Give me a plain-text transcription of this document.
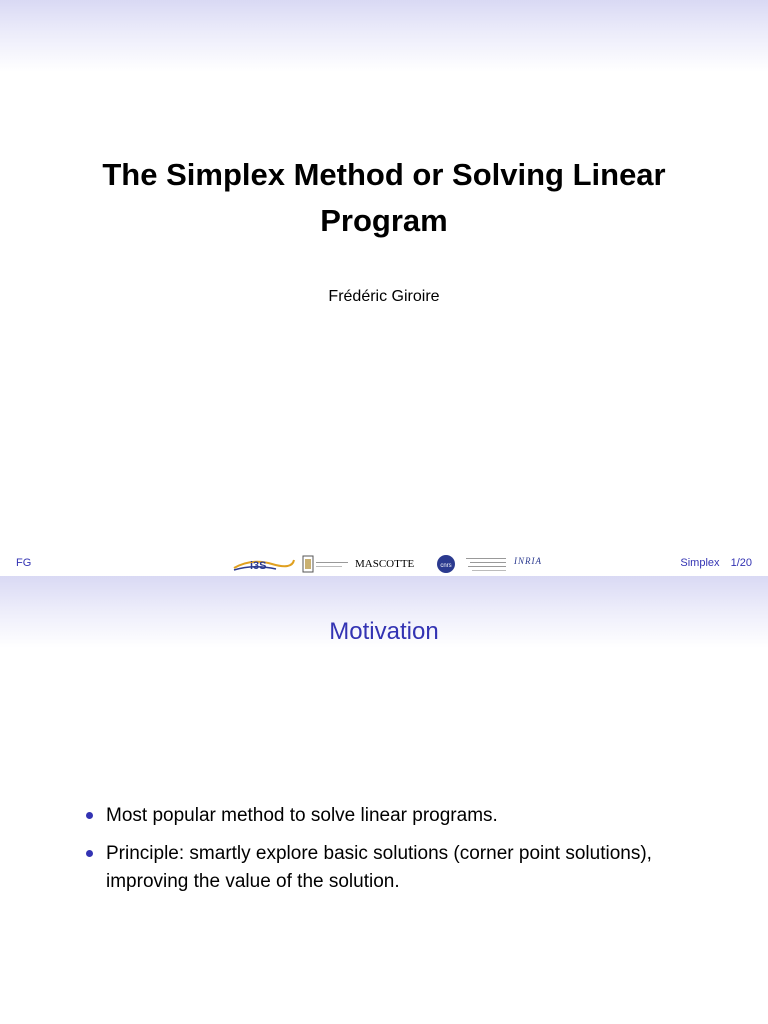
The Simplex Method or Solving Linear Program
Frédéric Giroire
FG	i3S	MASCOTTE	cnrs	INRIA	Simplex 1/20
Motivation
Most popular method to solve linear programs.
Principle: smartly explore basic solutions (corner point solutions), improving the value of the solution.
